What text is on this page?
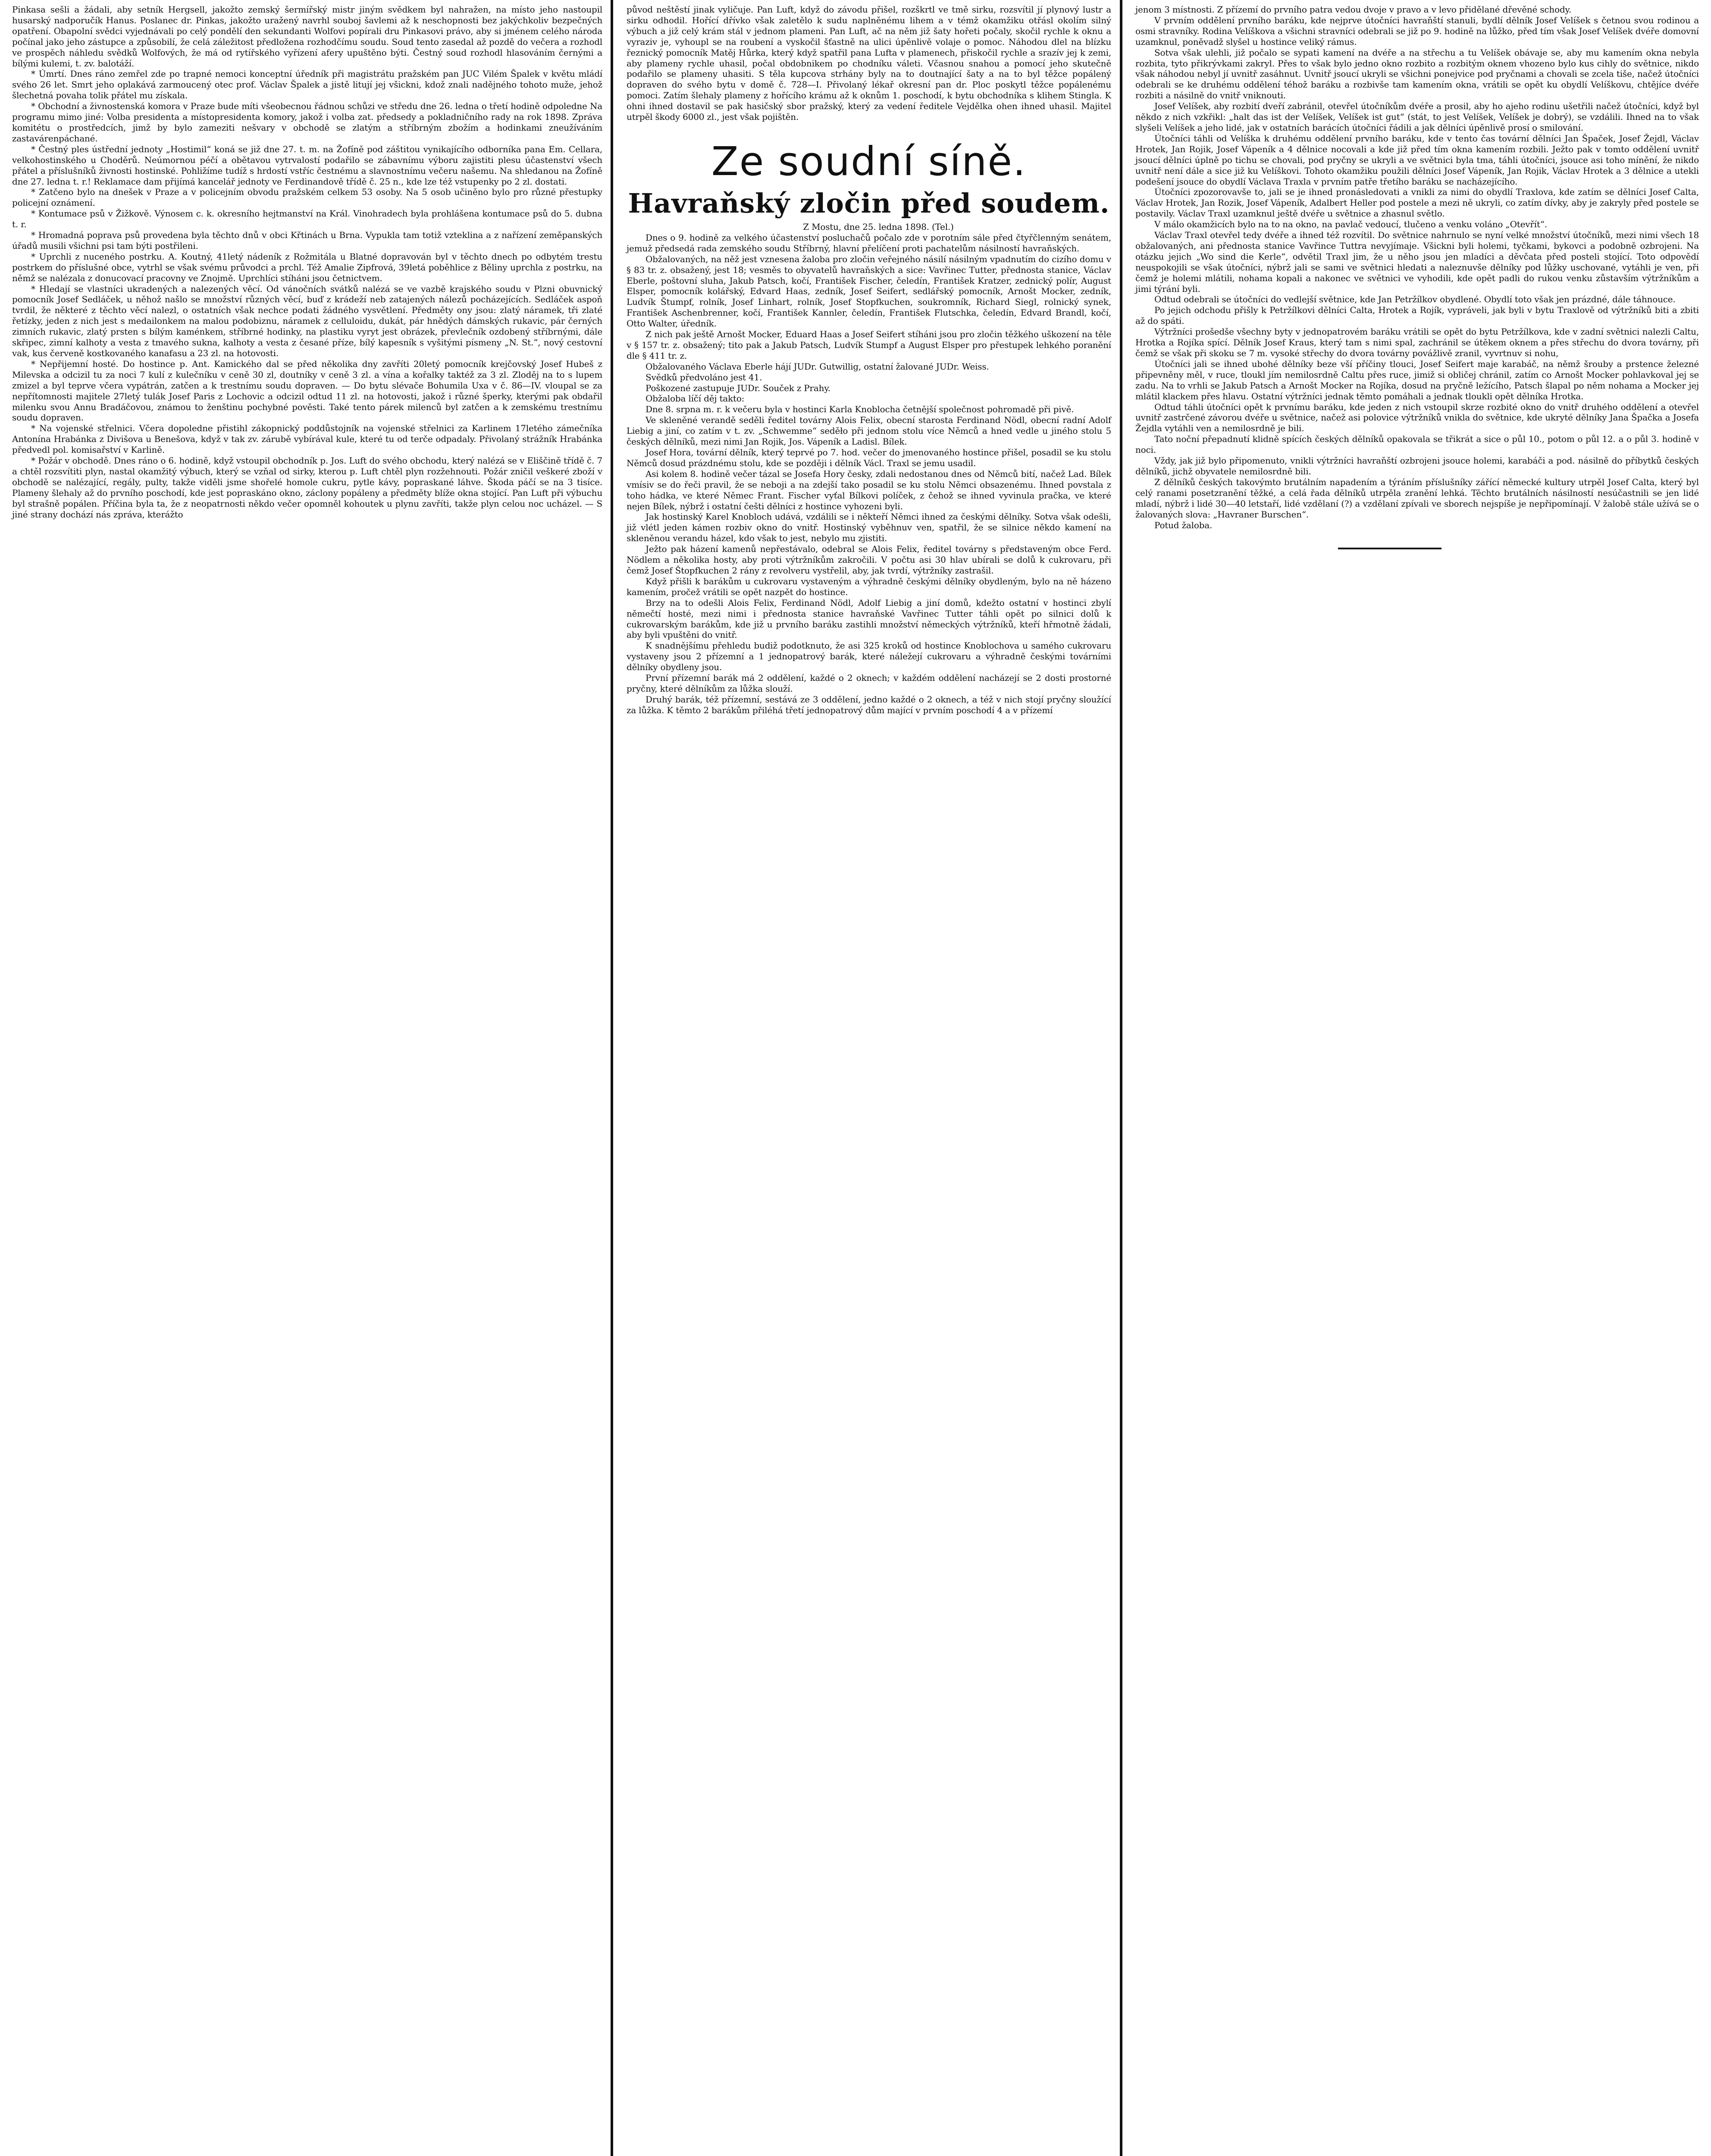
Pinkasa sešli a žádali, aby setník Hergsell, jakožto zemský šermířský mistr jiným svědkem byl nahražen, na místo jeho nastoupil husarský nadporučík Hanus. Poslanec dr. Pinkas, jakožto uražený navrhl souboj šavlemi až k neschopnosti bez jakýchkoliv bezpečných opatření. Obapolní svědci vyjednávali po celý pondělí den sekundanti Wolfovi popírali dru Pinkasovi právo, aby si jménem celého národa počínal jako jeho zástupce a způsobilí, že celá záležitost předložena rozhodčímu soudu. Soud tento zasedal až pozdě do večera a rozhodl ve prospěch náhledu svědků Wolfových, že má od rytířského vyřízení afery upuštěno býti. Čestný soud rozhodl hlasováním černými a bílými kulemi, t. zv. balotáží.

* Úmrtí. Dnes ráno zemřel zde po trapné nemoci konceptní úředník při magistrátu pražském pan JUC Vilém Špalek v květu mládí svého 26 let. Smrt jeho oplakává zarmoucený otec prof. Václav Špalek a jistě litují jej všickni, kdož znali nadějného tohoto muže, jehož šlechetná povaha tolik přátel mu získala.

* Obchodní a živnostenská komora v Praze bude míti všeobecnou řádnou schůzi ve středu dne 26. ledna o třetí hodině odpoledne Na programu mimo jiné: Volba presidenta a místopresidenta komory, jakož i volba zat. předsedy a pokladničního rady na rok 1898. Zpráva komitétu o prostředcích, jimž by bylo zameziti nešvary v obchodě se zlatým a stříbrným zbožím a hodinkami zneužíváním zastavárenpáchané.

* Čestný ples ústřední jednoty „Hostimil“ koná se již dne 27. t. m. na Žofíně pod záštitou vynikajícího odborníka pana Em. Cellara, velkohostinského u Choděrů. Neúmornou péčí a obětavou vytrvalostí podařilo se zábavnímu výboru zajistiti plesu účastenství všech přátel a příslušníků živnosti hostinské. Pohližíme tudíž s hrdostí vstříc čestnému a slavnostnímu večeru našemu. Na shledanou na Žofíně dne 27. ledna t. r.! Reklamace dam přijímá kancelář jednoty ve Ferdinandově třídě č. 25 n., kde lze též vstupenky po 2 zl. dostati.

* Zatčeno bylo na dnešek v Praze a v policejním obvodu pražském celkem 53 osoby. Na 5 osob učiněno bylo pro různé přestupky policejní oznámení.

* Kontumace psů v Žižkově. Výnosem c. k. okresního hejtmanství na Král. Vinohradech byla prohlášena kontumace psů do 5. dubna t. r.

* Hromadná poprava psů provedena byla těchto dnů v obci Křtinách u Brna. Vypukla tam totiž vzteklina a z nařízení zeměpanských úřadů musili všichni psi tam býti postřileni.

* Uprchli z nuceného postrku. A. Koutný, 41letý nádeník z Rožmitála u Blatné dopravován byl v těchto dnech po odbytém trestu postrkem do příslušné obce, vytrhl se však svému průvodci a prchl. Též Amalie Zipfrová, 39letá poběhlice z Běliny uprchla z postrku, na němž se nalézala z donucovací pracovny ve Znojmě. Uprchlíci stíháni jsou četnictvem.

* Hledají se vlastníci ukradených a nalezených věcí. Od vánočních svátků nalézá se ve vazbě krajského soudu v Plzni obuvnický pomocník Josef Sedláček, u něhož našlo se množství různých věcí, buď z krádeží neb zatajených nálezů pocházejících. Sedláček aspoň tvrdil, že některé z těchto věcí nalezl, o ostatních však nechce podati žádného vysvětlení. Předměty ony jsou: zlatý náramek, tři zlaté řetízky, jeden z nich jest s medailonkem na malou podobiznu, náramek z celluloidu, dukát, pár hnědých dámských rukavic, pár černých zimních rukavic, zlatý prsten s bílým kaménkem, stříbrné hodinky, na plastiku vyryt jest obrázek, převlečník ozdobený stříbrnými, dále skřipec, zimní kalhoty a vesta z tmavého sukna, kalhoty a vesta z česané příze, bílý kapesník s vyšitými písmeny „N. St.“, nový cestovní vak, kus červeně kostkovaného kanafasu a 23 zl. na hotovosti.

* Nepřijemní hosté. Do hostince p. Ant. Kamického dal se před několika dny zavříti 20letý pomocník krejčovský Josef Hubeš z Milevska a odcizil tu za noci 7 kulí z kulečníku v ceně 30 zl, doutníky v ceně 3 zl. a vína a kořalky taktéž za 3 zl. Zloděj na to s lupem zmizel a byl teprve včera vypátrán, zatčen a k trestnímu soudu dopraven. — Do bytu slévače Bohumila Uxa v č. 86—IV. vloupal se za nepřítomnosti majitele 27letý tulák Josef Paris z Lochovic a odcizil odtud 11 zl. na hotovosti, jakož i různé šperky, kterými pak obdařil milenku svou Annu Bradáčovou, známou to ženštinu pochybné pověsti. Také tento párek milenců byl zatčen a k zemskému trestnímu soudu dopraven.

* Na vojenské střelnici. Včera dopoledne přistihl zákopnický poddůstojník na vojenské střelnici za Karlinem 17letého zámečníka Antonína Hrabánka z Divišova u Benešova, když v tak zv. zárubě vybírával kule, které tu od terče odpadaly. Přivolaný strážník Hrabánka předvedl pol. komisařství v Karlině.

* Požár v obchodě. Dnes ráno o 6. hodině, když vstoupil obchodník p. Jos. Luft do svého obchodu, který nalézá se v Eliščině třídě č. 7 a chtěl rozsvítiti plyn, nastal okamžitý výbuch, který se vzňal od sirky, kterou p. Luft chtěl plyn rozžehnouti. Požár zničil veškeré zboží v obchodě se nalézající, regály, pulty, takže viděli jsme shořelé homole cukru, pytle kávy, popraskané láhve. Škoda páčí se na 3 tisíce. Plameny šlehaly až do prvního poschodí, kde jest popraskáno okno, záclony popáleny a předměty blíže okna stojící. Pan Luft při výbuchu byl strašně popálen. Příčina byla ta, že z neopatrnosti někdo večer opomněl kohoutek u plynu zavříti, takže plyn celou noc ucházel. — S jiné strany dochází nás zpráva, kterážto

původ neštěstí jinak vyličuje. Pan Luft, když do závodu přišel, rozškrtl ve tmě sirku, rozsvítil jí plynový lustr a sirku odhodil. Hořící dřívko však zaletělo k sudu naplněnému lihem a v témž okamžiku otřásl okolím silný výbuch a již celý krám stál v jednom plameni. Pan Luft, ač na něm již šaty hořeti počaly, skočil rychle k oknu a vyraziv je, vyhoupl se na roubení a vyskočil šťastně na ulici úpěnlivě volaje o pomoc. Náhodou dlel na blízku řeznický pomocník Matěj Hůrka, který když spatřil pana Lufta v plamenech, přiskočil rychle a srazív jej k zemi, aby plameny rychle uhasil, počal obdobnikem po chodníku váleti. Včasnou snahou a pomocí jeho skutečně podařilo se plameny uhasiti. S těla kupcova strhány byly na to doutnající šaty a na to byl těžce popálený dopraven do svého bytu v domě č. 728—I. Přivolaný lékař okresní pan dr. Ploc poskytl těžce popálenému pomoci. Zatím šlehaly plameny z hořícího krámu až k oknům 1. poschodí, k bytu obchodníka s klihem Stingla. K ohni ihned dostavil se pak hasičský sbor pražský, který za vedení ředitele Vejdělka ohen ihned uhasil. Majitel utrpěl škody 6000 zl., jest však pojištěn.

Ze soudní síně.
Havraňský zločin před soudem.

Z Mostu, dne 25. ledna 1898. (Tel.)

Dnes o 9. hodině za velkého účastenství posluchačů počalo zde v porotním sále před čtyřčlenným senátem, jemuž předsedá rada zemského soudu Stříbrný, hlavní přelíčení proti pachatelům násilností havraňských.

Obžalovaných, na něž jest vznesena žaloba pro zločin veřejného násilí násilným vpadnutím do cizího domu v § 83 tr. z. obsažený, jest 18; vesměs to obyvatelů havraňských a sice: Vavřinec Tutter, přednosta stanice, Václav Eberle, poštovní sluha, Jakub Patsch, kočí, František Fischer, čeledín, František Kratzer, zednický polír, August Elsper, pomocník kolářský, Edvard Haas, zedník, Josef Seifert, sedlářský pomocník, Arnošt Mocker, zedník, Ludvík Štumpf, rolník, Josef Linhart, rolník, Josef Stopfkuchen, soukromník, Richard Siegl, rolnický synek, František Aschenbrenner, kočí, František Kannler, čeledín, František Flutschka, čeledín, Edvard Brandl, kočí, Otto Walter, úředník.

Z nich pak ještě Arnošt Mocker, Eduard Haas a Josef Seifert stíháni jsou pro zločin těžkého uškození na těle v § 157 tr. z. obsažený; tito pak a Jakub Patsch, Ludvík Stumpf a August Elsper pro přestupek lehkého poranění dle § 411 tr. z.

Obžalovaného Václava Eberle hájí JUDr. Gutwillig, ostatní žalované JUDr. Weiss.

Svědků předvoláno jest 41.

Poškozené zastupuje JUDr. Souček z Prahy.

Obžaloba líčí děj takto:

Dne 8. srpna m. r. k večeru byla v hostinci Karla Knoblocha četnější společnost pohromadě při pivě.

Ve skleněné verandě seděli ředitel továrny Alois Felix, obecní starosta Ferdinand Nödl, obecní radní Adolf Liebig a jiní, co zatím v t. zv. „Schwemme“ seděło při jednom stolu více Němců a hned vedle u jiného stolu 5 českých dělníků, mezi nimi Jan Rojik, Jos. Vápeník a Ladisl. Bílek.

Josef Hora, tovární dělník, který teprvé po 7. hod. večer do jmenovaného hostince přišel, posadil se ku stolu Němců dosud prázdnému stolu, kde se později i dělník Václ. Traxl se jemu usadil.

Asi kolem 8. hodině večer tázal se Josefa Hory česky, zdali nedostanou dnes od Němců bití, načež Lad. Bílek vmísiv se do řeči pravil, že se neboji a na zdejší tako posadil se ku stolu Němci obsazenému. Ihned povstala z toho hádka, ve které Němec Frant. Fischer vyťal Bílkovi políček, z čehož se ihned vyvinula pračka, ve které nejen Bílek, nýbrž i ostatní češti dělníci z hostince vyhozeni byli.

Jak hostinský Karel Knobloch udává, vzdálili se i někteří Němci ihned za českými dělníky. Sotva však odešli, již vlétl jeden kámen rozbiv okno do vnitř. Hostinský vyběhnuv ven, spatřil, že se silnice někdo kamení na skleněnou verandu házel, kdo však to jest, nebylo mu zjistiti.

Ježto pak házení kamenů nepřestávalo, odebral se Alois Felix, ředitel továrny s představeným obce Ferd. Nödlem a několika hosty, aby proti výtržníkům zakročili. V počtu asi 30 hlav ubírali se dolů k cukrovaru, při čemž Josef Štopfkuchen 2 rány z revolveru vystřelil, aby, jak tvrdí, výtržníky zastrašil.

Když přišli k barákům u cukrovaru vystaveným a výhradně českými dělníky obydleným, bylo na ně házeno kamením, pročež vrátili se opět nazpět do hostince.

Brzy na to odešli Alois Felix, Ferdinand Nödl, Adolf Liebig a jiní domů, kdežto ostatní v hostinci zbylí němečtí hosté, mezi nimi i přednosta stanice havraňské Vavřinec Tutter táhli opět po silnici dolů k cukrovarským barákům, kde již u prvního baráku zastihli množství německých výtržníků, kteří hřmotně žádali, aby byli vpuštěni do vnitř.

K snadnějšímu přehledu budiž podotknuto, že asi 325 kroků od hostince Knoblochova u samého cukrovaru vystaveny jsou 2 přízemní a 1 jednopatrový barák, které náležejí cukrovaru a výhradně českými továrními dělníky obydleny jsou.

První přízemní barák má 2 oddělení, každé o 2 oknech; v každém oddělení nacházejí se 2 dosti prostorné pryčny, které dělníkům za lůžka slouží.

Druhý barák, též přízemní, sestává ze 3 oddělení, jedno každé o 2 oknech, a též v nich stojí pryčny sloužící za lůžka. K těmto 2 barákům přiléhá třetí jednopatrový dům mající v prvním poschodí 4 a v přízemí

jenom 3 místnosti. Z přízemí do prvního patra vedou dvoje v pravo a v levo přidělané dřevěné schody.

V prvním oddělení prvního baráku, kde nejprve útočníci havraňští stanuli, bydlí dělník Josef Velíšek s četnou svou rodinou a osmi stravníky. Rodina Velíškova a všichni stravníci odebrali se již po 9. hodině na lůžko, před tím však Josef Velíšek dvéře domovní uzamknul, poněvadž slyšel u hostince veliký rámus.

Sotva však ulehli, již počalo se sypati kamení na dvéře a na střechu a tu Velíšek obávaje se, aby mu kamením okna nebyla rozbita, tyto přikrývkami zakryl. Přes to však bylo jedno okno rozbito a rozbitým oknem vhozeno bylo kus cihly do světnice, nikdo však náhodou nebyl jí uvnitř zasáhnut. Uvnitř jsoucí ukryli se všichni ponejvice pod pryčnami a chovali se zcela tiše, načež útočníci odebrali se ke druhému oddělení téhož baráku a rozbivše tam kamením okna, vrátili se opět ku obydlí Velíškovu, chtějíce dvéře rozbiti a násilně do vnitř vniknouti.

Josef Velíšek, aby rozbití dveří zabránil, otevřel útočníkům dvéře a prosil, aby ho ajeho rodinu ušetřili načež útočníci, když byl někdo z nich vzkřikl: „halt das ist der Velíšek, Velíšek ist gut“ (stát, to jest Velíšek, Velíšek je dobrý), se vzdálili. Ihned na to však slyšeli Velíšek a jeho lidé, jak v ostatních barácích útočníci řádili a jak dělníci úpěnlivě prosí o smilování.

Útočníci táhli od Velíška k druhému oddělení prvního baráku, kde v tento čas tovární dělníci Jan Špaček, Josef Žejdl, Václav Hrotek, Jan Rojik, Josef Vápeník a 4 dělnice nocovali a kde již před tím okna kamením rozbili. Ježto pak v tomto oddělení uvnitř jsoucí dělníci úplně po tichu se chovali, pod pryčny se ukryli a ve světnici byla tma, táhli útočníci, jsouce asi toho mínění, že nikdo uvnitř není dále a sice již ku Velíškovi. Tohoto okamžiku použili dělníci Josef Vápeník, Jan Rojik, Václav Hrotek a 3 dělnice a utekli podešení jsouce do obydlí Václava Traxla v prvním patře třetího baráku se nacházejícího.

Útočníci zpozorovavše to, jali se je ihned pronásledovati a vnikli za nimi do obydlí Traxlova, kde zatím se dělníci Josef Calta, Václav Hrotek, Jan Rozik, Josef Vápeník, Adalbert Heller pod postele a mezi ně ukryli, co zatím dívky, aby je zakryly před postele se postavily. Václav Traxl uzamknul ještě dvéře u světnice a zhasnul světlo.

V málo okamžicích bylo na to na okno, na pavlač vedoucí, tlučeno a venku voláno „Otevřít“.

Václav Traxl otevřel tedy dvéře a ihned též rozvítil. Do světnice nahrnulo se nyní velké množství útočníků, mezi nimi všech 18 obžalovaných, ani přednosta stanice Vavřince Tuttra nevyjímaje. Všickni byli holemi, tyčkami, bykovci a podobně ozbrojeni. Na otázku jejich „Wo sind die Kerle“, odvětil Traxl jim, že u něho jsou jen mladíci a děvčata před posteli stojící. Toto odpovědí neuspokojili se však útočníci, nýbrž jali se sami ve světnici hledati a naleznuvše dělníky pod lůžky uschované, vytáhli je ven, při čemž je holemi mlátili, nohama kopali a nakonec ve světnici ve vyhodili, kde opět padli do rukou venku zůstavším výtržníkům a jimi týrání byli.

Odtud odebrali se útočníci do vedlejší světnice, kde Jan Petržílkov obydlené. Obydlí toto však jen prázdné, dále táhnouce.

Po jejich odchodu přišly k Petržílkovi dělníci Calta, Hrotek a Rojík, vypráveli, jak byli v bytu Traxlově od výtržníků biti a zbiti až do spáti.

Výtržníci prošedše všechny byty v jednopatrovém baráku vrátili se opět do bytu Petržílkova, kde v zadní světnici nalezli Caltu, Hrotka a Rojíka spící. Dělník Josef Kraus, který tam s nimi spal, zachránil se útěkem oknem a přes střechu do dvora továrny, při čemž se však při skoku se 7 m. vysoké střechy do dvora továrny povážlivě zranil, vyvrtnuv si nohu,

Útočníci jali se ihned ubohé dělníky beze vší příčiny tlouci, Josef Seifert maje karabáč, na němž šrouby a prstence železné připevněny měl, v ruce, tloukl jím nemilosrdně Caltu přes ruce, jimiž si obličej chránil, zatím co Arnošt Mocker pohlavkoval jej se zadu. Na to vrhli se Jakub Patsch a Arnošt Mocker na Rojíka, dosud na pryčně ležícího, Patsch šlapal po něm nohama a Mocker jej mlátil klackem přes hlavu. Ostatní výtržníci jednak těmto pomáhali a jednak tloukli opět dělníka Hrotka.

Odtud táhli útočníci opět k prvnímu baráku, kde jeden z nich vstoupil skrze rozbité okno do vnitř druhého oddělení a otevřel uvnitř zastrčené závorou dvéře u světnice, načež asi polovice výtržníků vnikla do světnice, kde ukryté dělníky Jana Špačka a Josefa Žejdla vytáhli ven a nemilosrdně je bili.

Tato noční přepadnutí klidně spících českých dělníků opakovala se třikrát a sice o půl 10., potom o půl 12. a o půl 3. hodině v noci.

Vždy, jak již bylo připomenuto, vnikli výtržníci havraňští ozbrojeni jsouce holemi, karabáči a pod. násilně do příbytků českých dělníků, jichž obyvatele nemilosrdně bili.

Z dělníků českých takovýmto brutálním napadením a týráním příslušníky zářící německé kultury utrpěl Josef Calta, který byl celý ranami posetzranění těžké, a celá řada dělníků utrpěla zranění lehká. Těchto brutálních násilností nesúčastnili se jen lidé mladí, nýbrž i lidé 30—40 letstaří, lidé vzdělaní (?) a vzdělaní zpívali ve sborech nejspíše je nepřipomínají. V žalobě stále užívá se o žalovaných slova: „Havraner Burschen“.

Potud žaloba.
